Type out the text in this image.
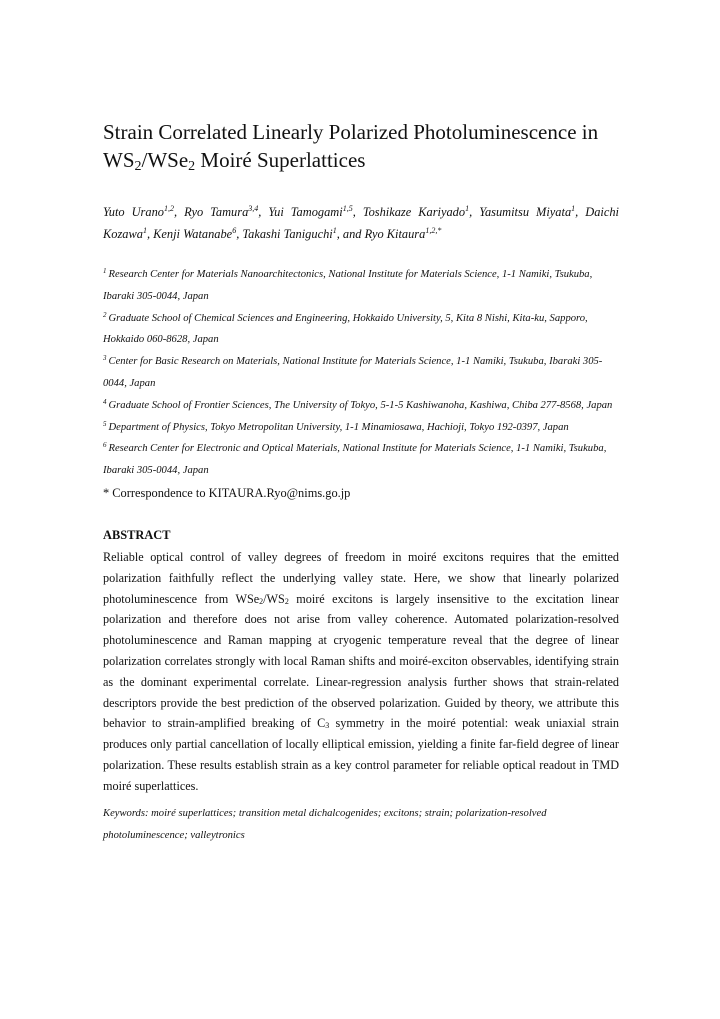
Strain Correlated Linearly Polarized Photoluminescence in
$WS_2/WSe_2$ Moiré Superlattices
Yuto Urano$^{1,2}$, Ryo Tamura$^{3,4}$, Yui Tamogami$^{1,5}$, Toshikaze Kariyado$^1$, Yasumitsu Miyata$^1$, Daichi Kozawa$^1$, Kenji Watanabe$^6$, Takashi Taniguchi$^1$, and Ryo Kitaura$^{1,2,*}$
$^1$ Research Center for Materials Nanoarchitectonics, National Institute for Materials Science, 1-1 Namiki, Tsukuba, Ibaraki 305-0044, Japan
$^2$ Graduate School of Chemical Sciences and Engineering, Hokkaido University, 5, Kita 8 Nishi, Kita-ku, Sapporo, Hokkaido 060-8628, Japan
$^3$ Center for Basic Research on Materials, National Institute for Materials Science, 1-1 Namiki, Tsukuba, Ibaraki 305-0044, Japan
$^4$ Graduate School of Frontier Sciences, The University of Tokyo, 5-1-5 Kashiwanoha, Kashiwa, Chiba 277-8568, Japan
$^5$ Department of Physics, Tokyo Metropolitan University, 1-1 Minamiosawa, Hachioji, Tokyo 192-0397, Japan
$^6$ Research Center for Electronic and Optical Materials, National Institute for Materials Science, 1-1 Namiki, Tsukuba, Ibaraki 305-0044, Japan
* Correspondence to KITAURA.Ryo@nims.go.jp
ABSTRACT
Reliable optical control of valley degrees of freedom in moiré excitons requires that the emitted polarization faithfully reflect the underlying valley state. Here, we show that linearly polarized photoluminescence from $WSe_2/WS_2$ moiré excitons is largely insensitive to the excitation linear polarization and therefore does not arise from valley coherence. Automated polarization-resolved photoluminescence and Raman mapping at cryogenic temperature reveal that the degree of linear polarization correlates strongly with local Raman shifts and moiré-exciton observables, identifying strain as the dominant experimental correlate. Linear-regression analysis further shows that strain-related descriptors provide the best prediction of the observed polarization. Guided by theory, we attribute this behavior to strain-amplified breaking of $C_3$ symmetry in the moiré potential: weak uniaxial strain produces only partial cancellation of locally elliptical emission, yielding a finite far-field degree of linear polarization. These results establish strain as a key control parameter for reliable optical readout in TMD moiré superlattices.
Keywords: moiré superlattices; transition metal dichalcogenides; excitons; strain; polarization-resolved photoluminescence; valleytronics
